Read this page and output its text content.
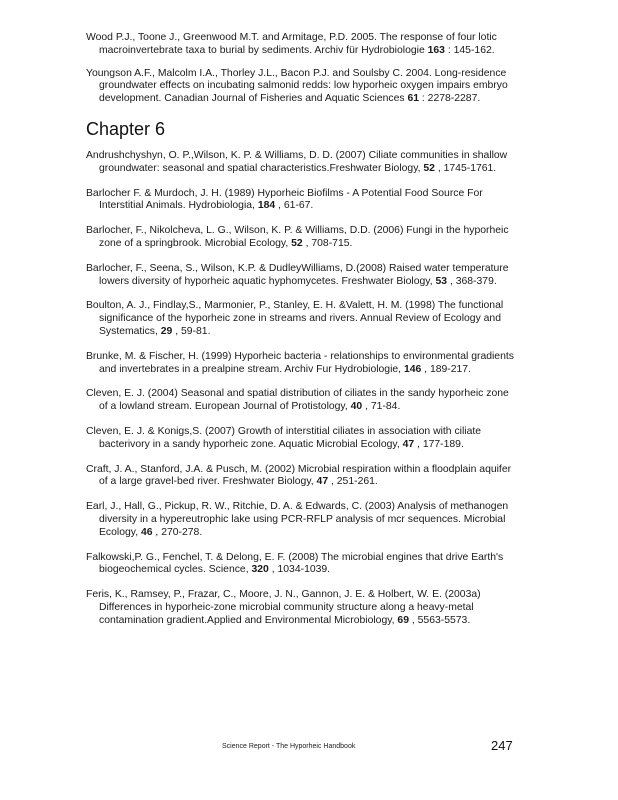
Wood P.J., Toone J., Greenwood M.T. and Armitage, P.D. 2005. The response of four lotic macroinvertebrate taxa to burial by sediments. Archiv für Hydrobiologie 163 : 145-162.

Youngson A.F., Malcolm I.A., Thorley J.L., Bacon P.J. and Soulsby C. 2004. Long-residence groundwater effects on incubating salmonid redds: low hyporheic oxygen impairs embryo development. Canadian Journal of Fisheries and Aquatic Sciences 61 : 2278-2287.

Chapter 6

Andrushchyshyn, O. P.,Wilson, K. P. & Williams, D. D. (2007) Ciliate communities in shallow groundwater: seasonal and spatial characteristics.Freshwater Biology, 52 , 1745-1761.

Barlocher F. & Murdoch, J. H. (1989) Hyporheic Biofilms - A Potential Food Source For Interstitial Animals. Hydrobiologia, 184 , 61-67.

Barlocher, F., Nikolcheva, L. G., Wilson, K. P. & Williams, D.D. (2006) Fungi in the hyporheic zone of a springbrook. Microbial Ecology, 52 , 708-715.

Barlocher, F., Seena, S., Wilson, K.P. & DudleyWilliams, D.(2008) Raised water temperature lowers diversity of hyporheic aquatic hyphomycetes. Freshwater Biology, 53 , 368-379.

Boulton, A. J., Findlay,S., Marmonier, P., Stanley, E. H. &Valett, H. M. (1998) The functional significance of the hyporheic zone in streams and rivers. Annual Review of Ecology and Systematics, 29 , 59-81.

Brunke, M. & Fischer, H. (1999) Hyporheic bacteria - relationships to environmental gradients and invertebrates in a prealpine stream. Archiv Fur Hydrobiologie, 146 , 189-217.

Cleven, E. J. (2004) Seasonal and spatial distribution of ciliates in the sandy hyporheic zone of a lowland stream. European Journal of Protistology, 40 , 71-84.

Cleven, E. J. & Konigs,S. (2007) Growth of interstitial ciliates in association with ciliate bacterivory in a sandy hyporheic zone. Aquatic Microbial Ecology, 47 , 177-189.

Craft, J. A., Stanford, J.A. & Pusch, M. (2002) Microbial respiration within a floodplain aquifer of a large gravel-bed river. Freshwater Biology, 47 , 251-261.

Earl, J., Hall, G., Pickup, R. W., Ritchie, D. A. & Edwards, C. (2003) Analysis of methanogen diversity in a hypereutrophic lake using PCR-RFLP analysis of mcr sequences. Microbial Ecology, 46 , 270-278.

Falkowski,P. G., Fenchel, T. & Delong, E. F. (2008) The microbial engines that drive Earth's biogeochemical cycles. Science, 320 , 1034-1039.

Feris, K., Ramsey, P., Frazar, C., Moore, J. N., Gannon, J. E. & Holbert, W. E. (2003a) Differences in hyporheic-zone microbial community structure along a heavy-metal contamination gradient.Applied and Environmental Microbiology, 69 , 5563-5573.

Science Report - The Hyporheic Handbook	247
